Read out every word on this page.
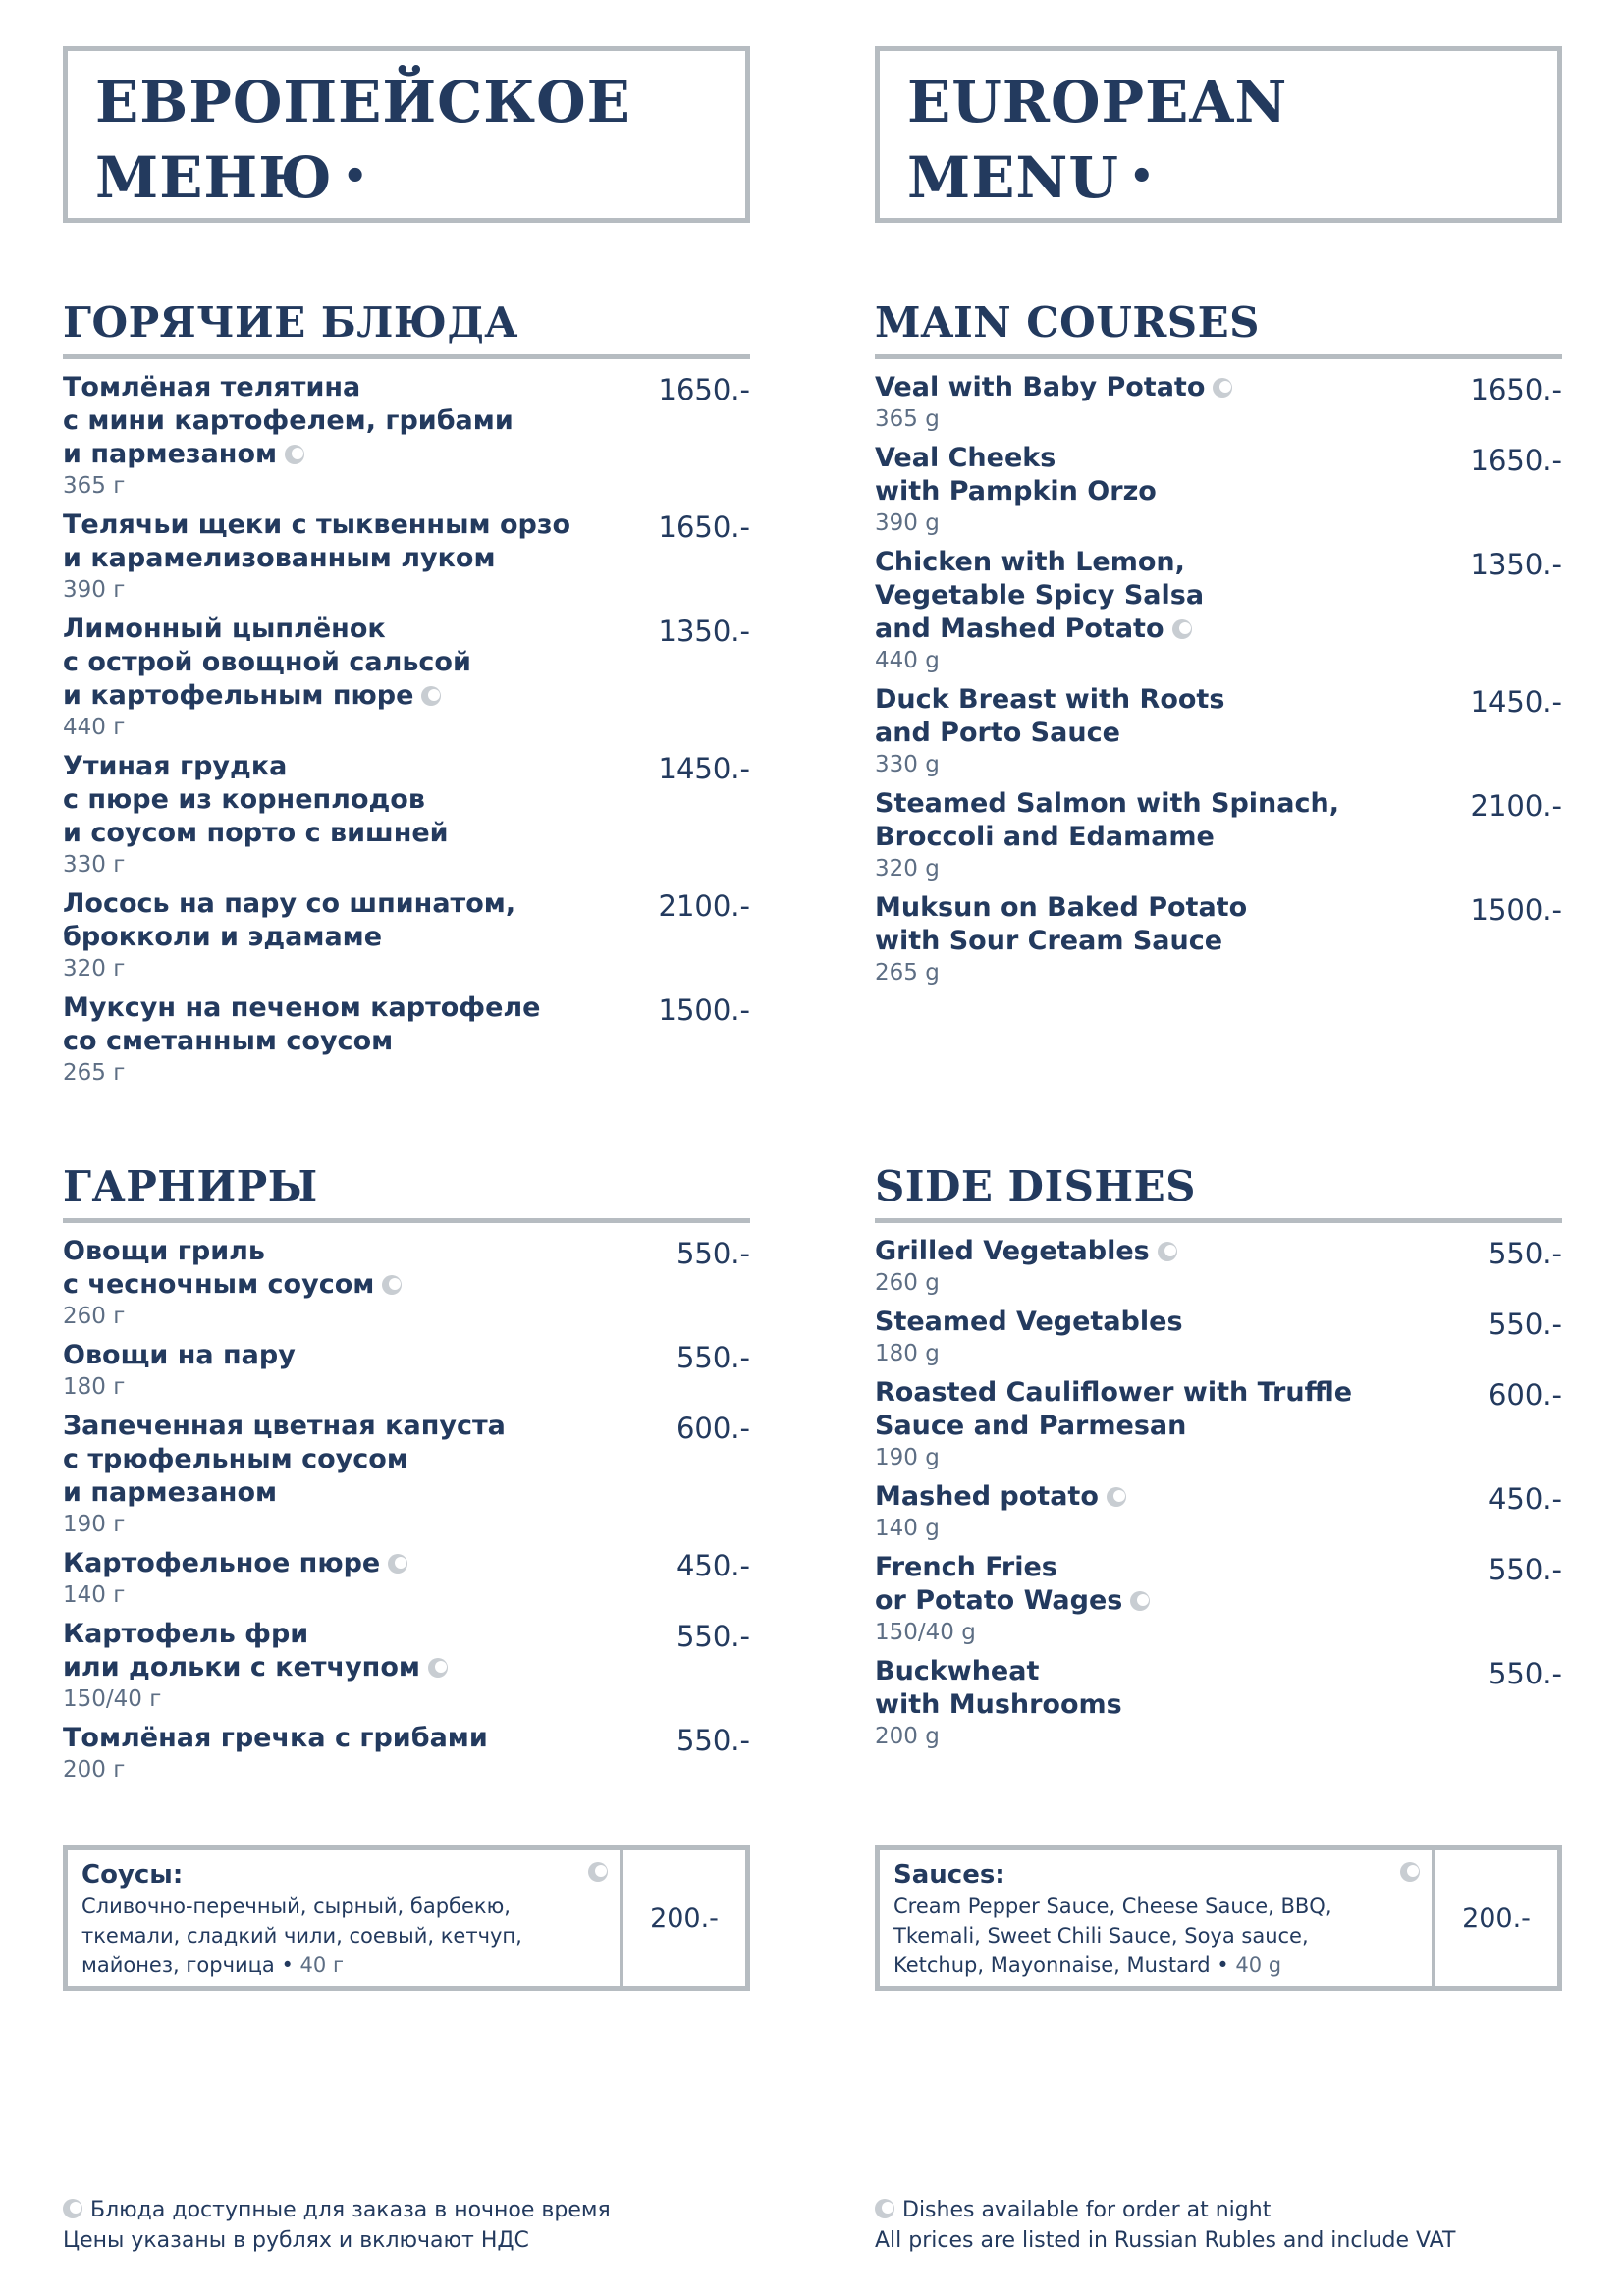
ЕВРОПЕЙСКОЕ
МЕНЮ •
ГОРЯЧИЕ БЛЮДА
Томлёная телятина
с мини картофелем, грибами
и пармезаном
365 г
1650.-
Телячьи щеки с тыквенным орзо
и карамелизованным луком
390 г
1650.-
Лимонный цыплёнок
с острой овощной сальсой
и картофельным пюре
440 г
1350.-
Утиная грудка
с пюре из корнеплодов
и соусом порто с вишней
330 г
1450.-
Лосось на пару со шпинатом,
брокколи и эдамаме
320 г
2100.-
Муксун на печеном картофеле
со сметанным соусом
265 г
1500.-
ГАРНИРЫ
Овощи гриль
с чесночным соусом
260 г
550.-
Овощи на пару
180 г
550.-
Запеченная цветная капуста
с трюфельным соусом
и пармезаном
190 г
600.-
Картофельное пюре
140 г
450.-
Картофель фри
или дольки с кетчупом
150/40 г
550.-
Томлёная гречка с грибами
200 г
550.-
Соусы:
Сливочно-перечный, сырный, барбекю,
ткемали, сладкий чили, соевый, кетчуп,
майонез, горчица • 40 г
200.-
Блюда доступные для заказа в ночное время
Цены указаны в рублях и включают НДС
EUROPEAN
MENU •
MAIN COURSES
Veal with Baby Potato
365 g
1650.-
Veal Cheeks
with Pampkin Orzo
390 g
1650.-
Chicken with Lemon,
Vegetable Spicy Salsa
and Mashed Potato
440 g
1350.-
Duck Breast with Roots
and Porto Sauce
330 g
1450.-
Steamed Salmon with Spinach,
Broccoli and Edamame
320 g
2100.-
Muksun on Baked Potato
with Sour Cream Sauce
265 g
1500.-
SIDE DISHES
Grilled Vegetables
260 g
550.-
Steamed Vegetables
180 g
550.-
Roasted Cauliflower with Truffle
Sauce and Parmesan
190 g
600.-
Mashed potato
140 g
450.-
French Fries
or Potato Wages
150/40 g
550.-
Buckwheat
with Mushrooms
200 g
550.-
Sauces:
Cream Pepper Sauce, Cheese Sauce, BBQ,
Tkemali, Sweet Chili Sauce, Soya sauce,
Ketchup, Mayonnaise, Mustard • 40 g
200.-
Dishes available for order at night
All prices are listed in Russian Rubles and include VAT
